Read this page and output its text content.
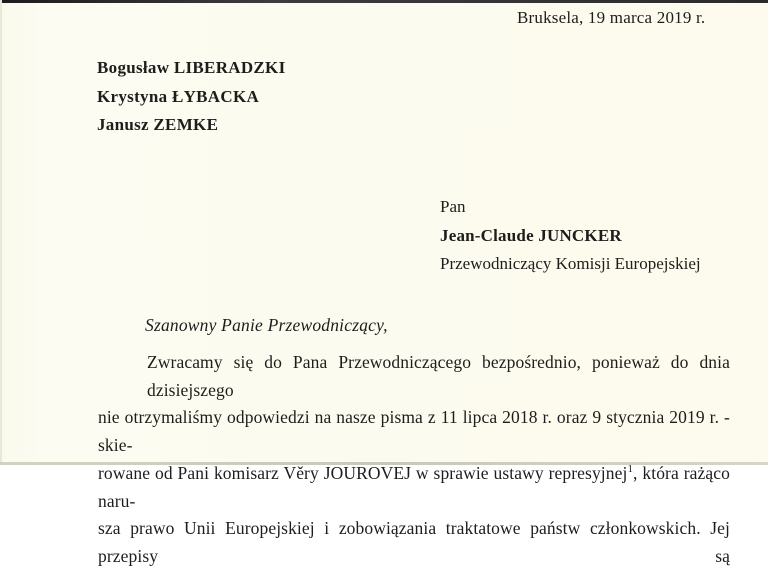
Bruksela, 19 marca 2019 r.
Bogusław LIBERADZKI
Krystyna ŁYBACKA
Janusz ZEMKE
Pan
Jean-Claude JUNCKER
Przewodniczący Komisji Europejskiej
Szanowny Panie Przewodniczący,
Zwracamy się do Pana Przewodniczącego bezpośrednio, ponieważ do dnia dzisiejszego
nie otrzymaliśmy odpowiedzi na nasze pisma z 11 lipca 2018 r. oraz 9 stycznia 2019 r. - skie-
rowane od Pani komisarz Věry JOUROVEJ w sprawie ustawy represyjnej$^1$, która rażąco naru-
sza prawo Unii Europejskiej i zobowiązania traktatowe państw członkowskich. Jej przepisy są
